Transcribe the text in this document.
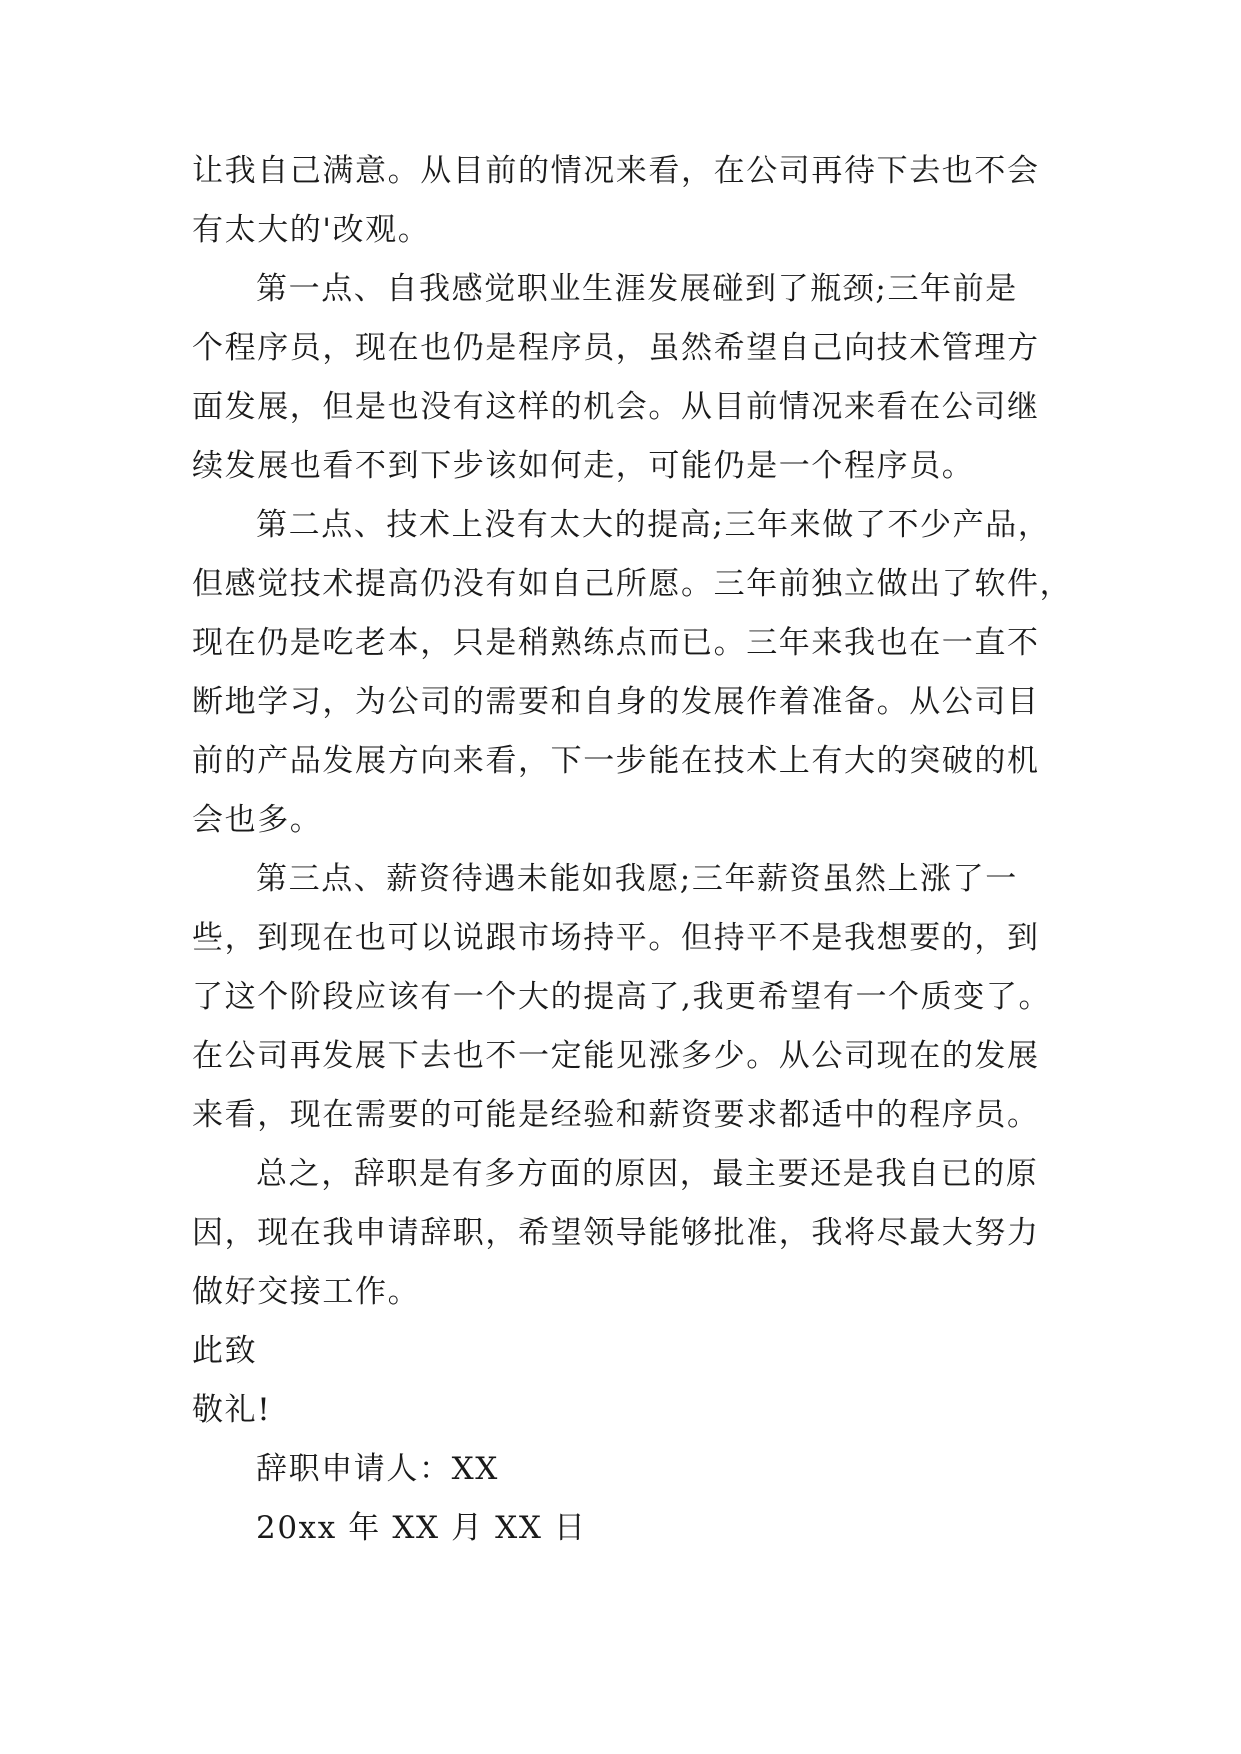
让我自己满意。从目前的情况来看，在公司再待下去也不会
有太大的'改观。
第一点、自我感觉职业生涯发展碰到了瓶颈;三年前是
个程序员，现在也仍是程序员，虽然希望自己向技术管理方
面发展，但是也没有这样的机会。从目前情况来看在公司继
续发展也看不到下步该如何走，可能仍是一个程序员。
第二点、技术上没有太大的提高;三年来做了不少产品，
但感觉技术提高仍没有如自己所愿。三年前独立做出了软件，
现在仍是吃老本，只是稍熟练点而已。三年来我也在一直不
断地学习，为公司的需要和自身的发展作着准备。从公司目
前的产品发展方向来看，下一步能在技术上有大的突破的机
会也多。
第三点、薪资待遇未能如我愿;三年薪资虽然上涨了一
些，到现在也可以说跟市场持平。但持平不是我想要的，到
了这个阶段应该有一个大的提高了,我更希望有一个质变了。
在公司再发展下去也不一定能见涨多少。从公司现在的发展
来看，现在需要的可能是经验和薪资要求都适中的程序员。
总之，辞职是有多方面的原因，最主要还是我自已的原
因，现在我申请辞职，希望领导能够批准，我将尽最大努力
做好交接工作。
此致
敬礼!
辞职申请人：XX
20xx 年 XX 月 XX 日
